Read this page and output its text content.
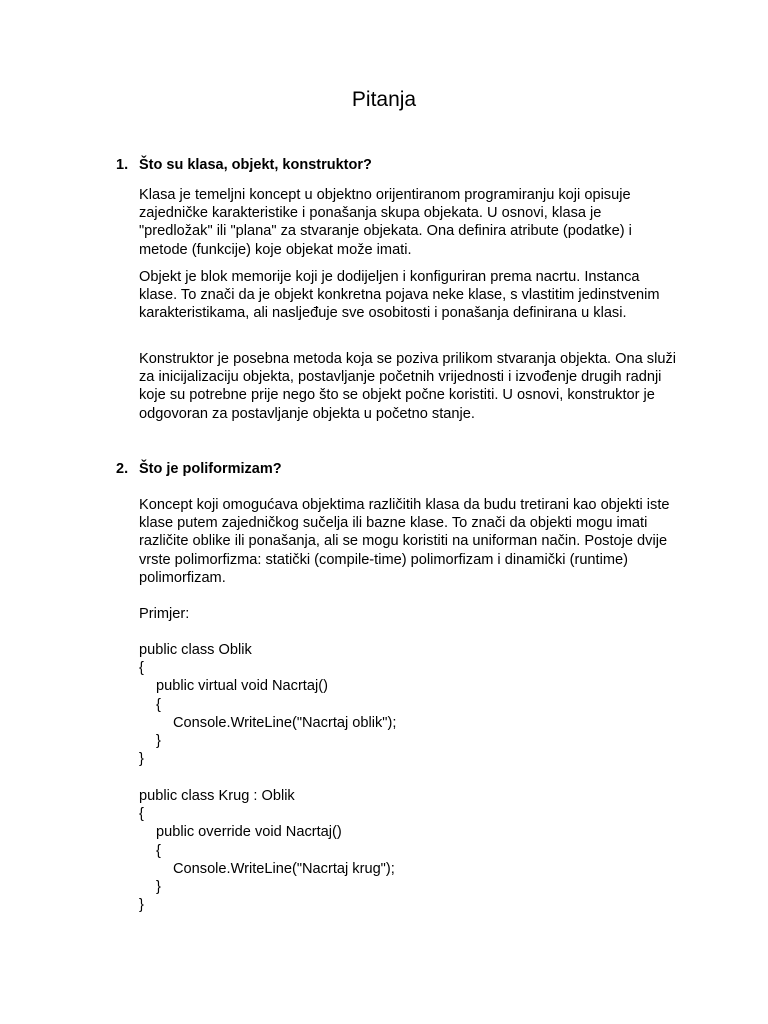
Pitanja
1. Što su klasa, objekt, konstruktor?
Klasa je temeljni koncept u objektno orijentiranom programiranju koji opisuje zajedničke karakteristike i ponašanja skupa objekata. U osnovi, klasa je "predložak" ili "plana" za stvaranje objekata. Ona definira atribute (podatke) i metode (funkcije) koje objekat može imati.
Objekt je blok memorije koji je dodijeljen i konfiguriran prema nacrtu. Instanca klase. To znači da je objekt konkretna pojava neke klase, s vlastitim jedinstvenim karakteristikama, ali nasljeđuje sve osobitosti i ponašanja definirana u klasi.
Konstruktor je posebna metoda koja se poziva prilikom stvaranja objekta. Ona služi za inicijalizaciju objekta, postavljanje početnih vrijednosti i izvođenje drugih radnji koje su potrebne prije nego što se objekt počne koristiti. U osnovi, konstruktor je odgovoran za postavljanje objekta u početno stanje.
2. Što je poliformizam?
Koncept koji omogućava objektima različitih klasa da budu tretirani kao objekti iste klase putem zajedničkog sučelja ili bazne klase. To znači da objekti mogu imati različite oblike ili ponašanja, ali se mogu koristiti na uniforman način. Postoje dvije vrste polimorfizma: statički (compile-time) polimorfizam i dinamički (runtime) polimorfizam.
Primjer:
public class Oblik
{
public virtual void Nacrtaj()
{
Console.WriteLine("Nacrtaj oblik");
}
}
public class Krug : Oblik
{
public override void Nacrtaj()
{
Console.WriteLine("Nacrtaj krug");
}
}
